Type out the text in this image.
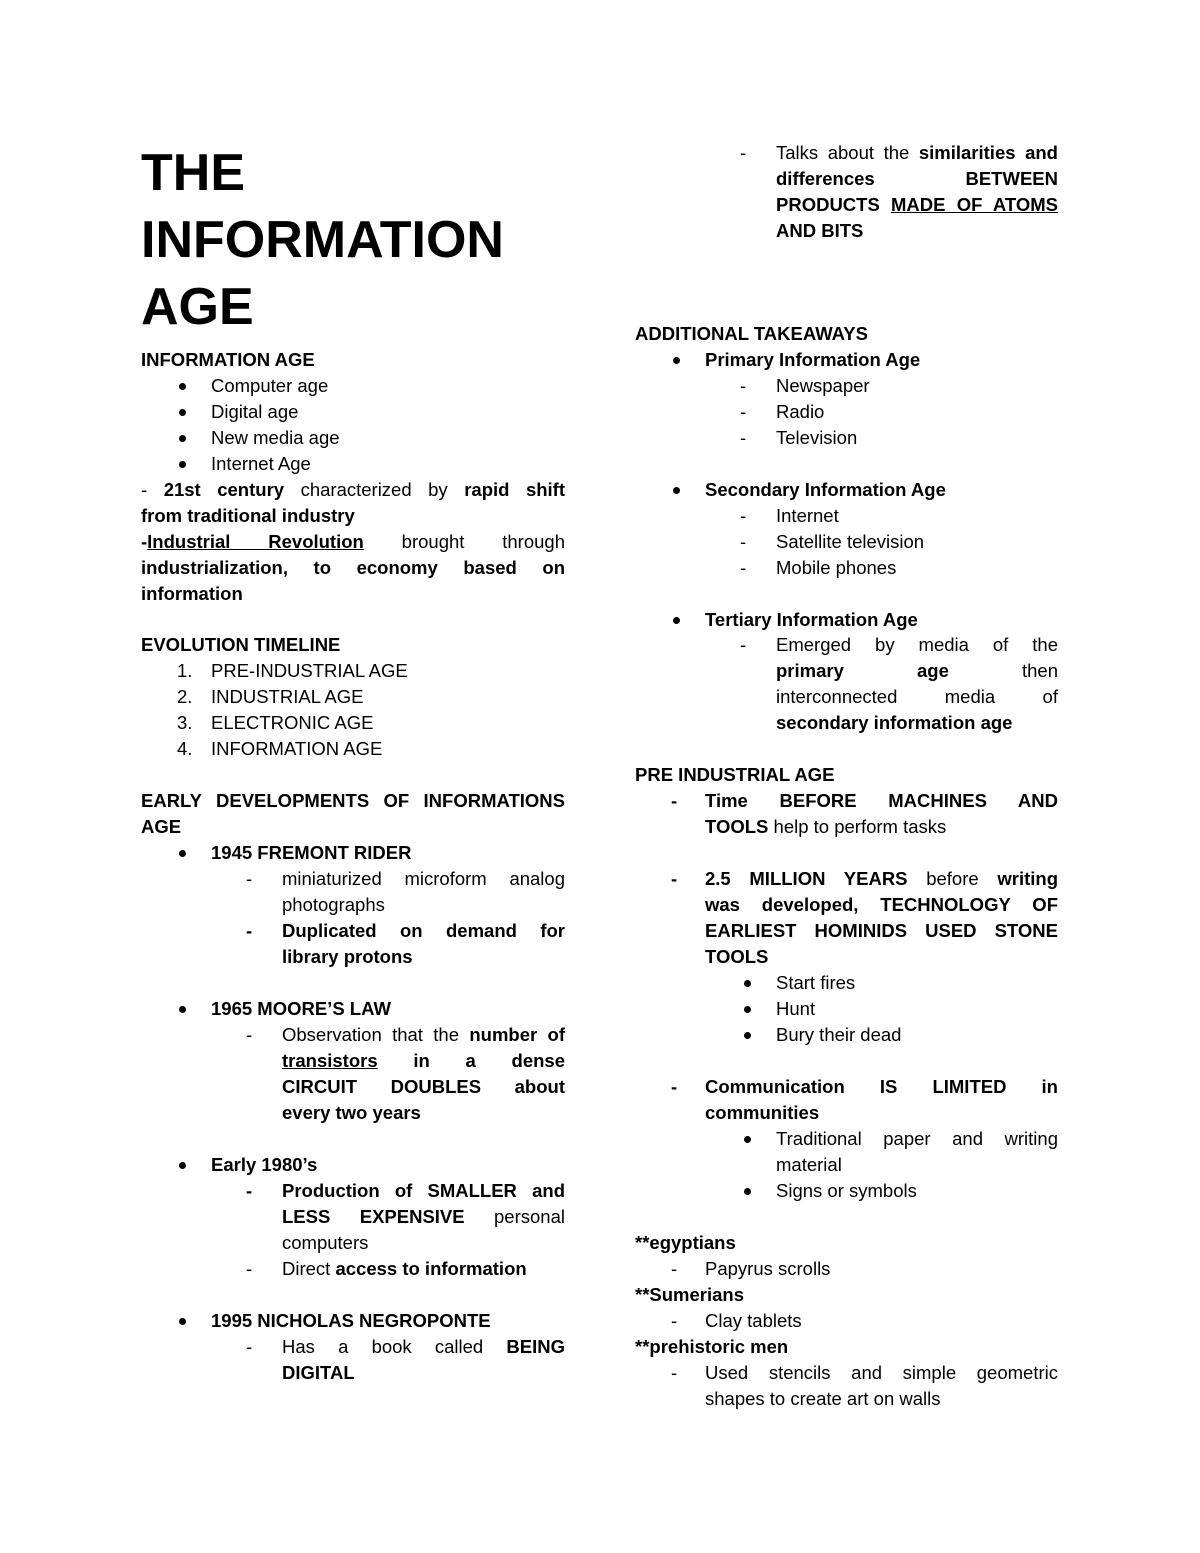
THE
INFORMATION
AGE
INFORMATION AGE
Computer age
Digital age
New media age
Internet Age
- 21st century characterized by rapid shift
from traditional industry
-Industrial Revolution brought through
industrialization, to economy based on
information
EVOLUTION TIMELINE
1. PRE-INDUSTRIAL AGE
2. INDUSTRIAL AGE
3. ELECTRONIC AGE
4. INFORMATION AGE
EARLY DEVELOPMENTS OF INFORMATIONS
AGE
1945 FREMONT RIDER
- miniaturized microform analog
photographs
- Duplicated on demand for
library protons
1965 MOORE’S LAW
- Observation that the number of
transistors in a dense
CIRCUIT DOUBLES about
every two years
Early 1980’s
- Production of SMALLER and
LESS EXPENSIVE personal
computers
- Direct access to information
1995 NICHOLAS NEGROPONTE
- Has a book called BEING
DIGITAL
- Talks about the similarities and
differences BETWEEN
PRODUCTS MADE OF ATOMS
AND BITS
ADDITIONAL TAKEAWAYS
Primary Information Age
- Newspaper
- Radio
- Television
Secondary Information Age
- Internet
- Satellite television
- Mobile phones
Tertiary Information Age
- Emerged by media of the
primary age then
interconnected media of
secondary information age
PRE INDUSTRIAL AGE
- Time BEFORE MACHINES AND
TOOLS help to perform tasks
- 2.5 MILLION YEARS before writing
was developed, TECHNOLOGY OF
EARLIEST HOMINIDS USED STONE
TOOLS
Start fires
Hunt
Bury their dead
- Communication IS LIMITED in
communities
Traditional paper and writing
material
Signs or symbols
**egyptians
- Papyrus scrolls
**Sumerians
- Clay tablets
**prehistoric men
- Used stencils and simple geometric
shapes to create art on walls
